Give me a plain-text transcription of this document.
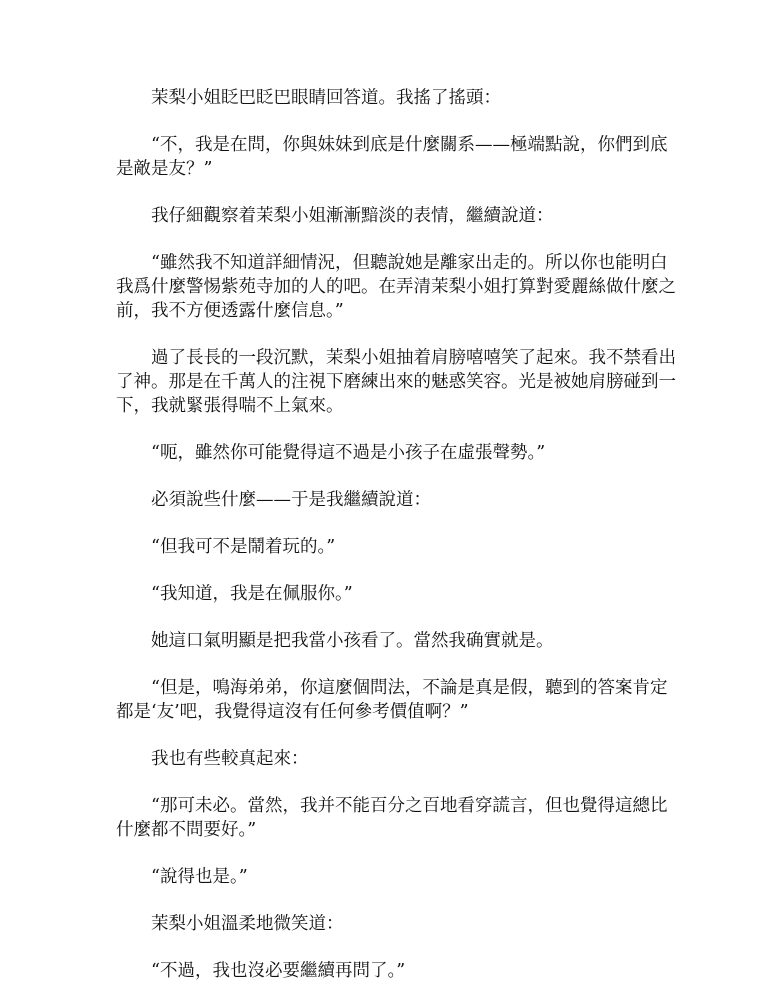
茉梨小姐眨巴眨巴眼睛回答道。我搖了搖頭：

“不，我是在問，你與妹妹到底是什麼關系——極端點說，你們到底是敵是友？”

我仔細觀察着茉梨小姐漸漸黯淡的表情，繼續說道：

“雖然我不知道詳細情況，但聽說她是離家出走的。所以你也能明白我爲什麼警惕紫苑寺加的人的吧。在弄清茉梨小姐打算對愛麗絲做什麼之前，我不方便透露什麼信息。”

過了長長的一段沉默，茉梨小姐抽着肩膀嘻嘻笑了起來。我不禁看出了神。那是在千萬人的注視下磨練出來的魅惑笑容。光是被她肩膀碰到一下，我就緊張得喘不上氣來。

“呃，雖然你可能覺得這不過是小孩子在虛張聲勢。”

必須說些什麼——于是我繼續說道：

“但我可不是鬧着玩的。”

“我知道，我是在佩服你。”

她這口氣明顯是把我當小孩看了。當然我确實就是。

“但是，鳴海弟弟，你這麼個問法，不論是真是假，聽到的答案肯定都是‘友’吧，我覺得這沒有任何參考價值啊？”

我也有些較真起來：

“那可未必。當然，我并不能百分之百地看穿謊言，但也覺得這總比什麼都不問要好。”

“說得也是。”

茉梨小姐溫柔地微笑道：

“不過，我也沒必要繼續再問了。”
